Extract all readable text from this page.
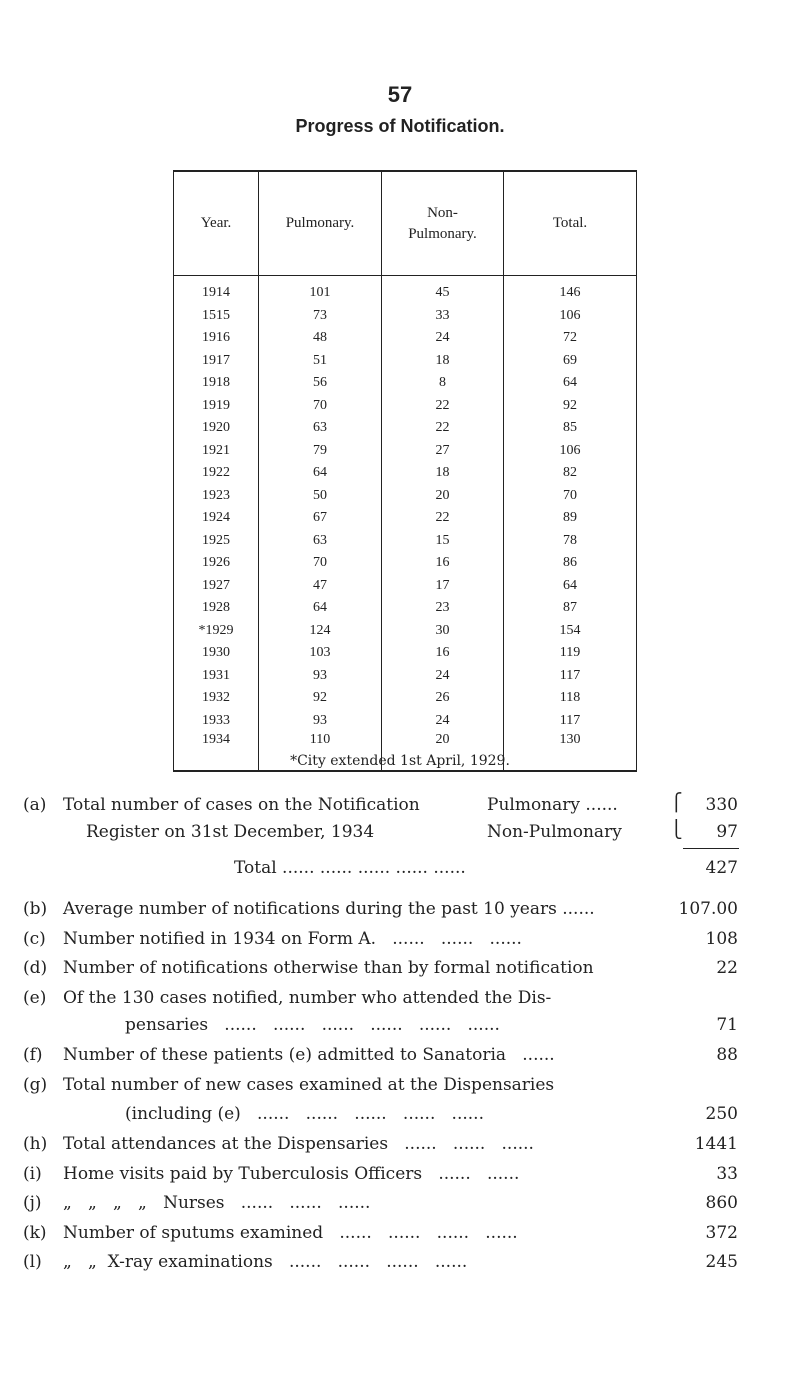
57
Progress of Notification.
Year.	Pulmonary.	Non-
Pulmonary.	Total.
1914	101	45	146
1515	73	33	106
1916	48	24	72
1917	51	18	69
1918	56	8	64
1919	70	22	92
1920	63	22	85
1921	79	27	106
1922	64	18	82
1923	50	20	70
1924	67	22	89
1925	63	15	78
1926	70	16	86
1927	47	17	64
1928	64	23	87
*1929	124	30	154
1930	103	16	119
1931	93	24	117
1932	92	26	118
1933	93	24	117
1934	110	20	130
*City extended 1st April, 1929.
(a) Total number of cases on the Notification	Pulmonary ......	⎧ 330
Register on 31st December, 1934	Non-Pulmonary	⎩ 97
Total ...... ...... ...... ...... ......	427
(b) Average number of notifications during the past 10 years ......	107.00
(c) Number notified in 1934 on Form A.   ......   ......   ......	108
(d) Number of notifications otherwise than by formal notification	22
(e) Of the 130 cases notified, number who attended the Dis-
pensaries   ......   ......   ......   ......   ......   ......	71
(f) Number of these patients (e) admitted to Sanatoria   ......	88
(g) Total number of new cases examined at the Dispensaries
(including (e)   ......   ......   ......   ......   ......	250
(h) Total attendances at the Dispensaries   ......   ......   ......	1441
(i) Home visits paid by Tuberculosis Officers   ......   ......	33
(j) „   „   „   „   Nurses   ......   ......   ......	860
(k) Number of sputums examined   ......   ......   ......   ......	372
(l) „   „  X-ray examinations   ......   ......   ......   ......	245
